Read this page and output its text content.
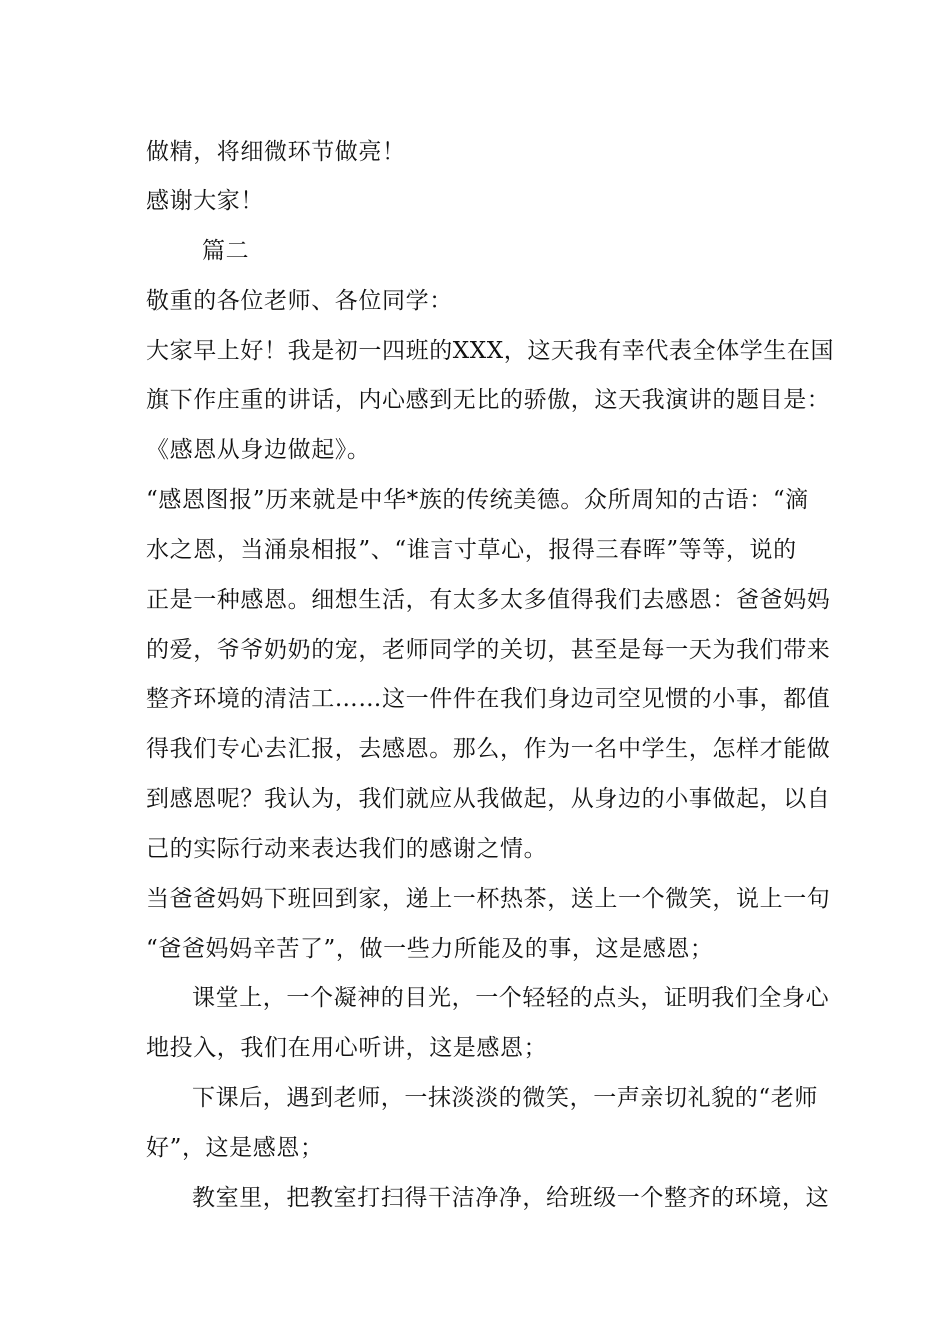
做精，将细微环节做亮！
感谢大家！
篇二
敬重的各位老师、各位同学：
大家早上好！我是初一四班的XXX，这天我有幸代表全体学生在国
旗下作庄重的讲话，内心感到无比的骄傲，这天我演讲的题目是：
《感恩从身边做起》。
“感恩图报”历来就是中华*族的传统美德。众所周知的古语：“滴
水之恩，当涌泉相报”、“谁言寸草心，报得三春晖”等等，说的
正是一种感恩。细想生活，有太多太多值得我们去感恩：爸爸妈妈
的爱，爷爷奶奶的宠，老师同学的关切，甚至是每一天为我们带来
整齐环境的清洁工……这一件件在我们身边司空见惯的小事，都值
得我们专心去汇报，去感恩。那么，作为一名中学生，怎样才能做
到感恩呢？我认为，我们就应从我做起，从身边的小事做起，以自
己的实际行动来表达我们的感谢之情。
当爸爸妈妈下班回到家，递上一杯热茶，送上一个微笑，说上一句
“爸爸妈妈辛苦了”，做一些力所能及的事，这是感恩；
课堂上，一个凝神的目光，一个轻轻的点头，证明我们全身心
地投入，我们在用心听讲，这是感恩；
下课后，遇到老师，一抹淡淡的微笑，一声亲切礼貌的“老师
好”，这是感恩；
教室里，把教室打扫得干洁净净，给班级一个整齐的环境，这
